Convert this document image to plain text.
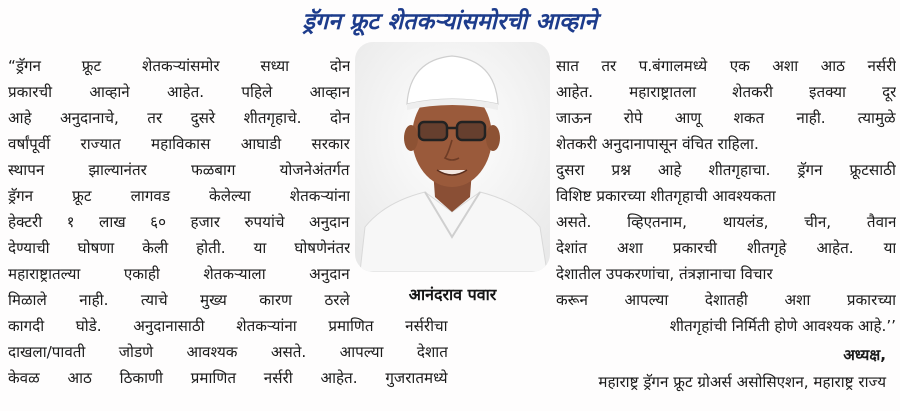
ड्रॅगन फ्रूट शेतकऱ्यांसमोरची आव्हाने
“ड्रॅगन फ्रूट शेतकऱ्यांसमोर सध्या दोन
प्रकारची आव्हाने आहेत. पहिले आव्हान
आहे अनुदानाचे, तर दुसरे शीतगृहाचे. दोन
वर्षांपूर्वी राज्यात महाविकास आघाडी सरकार
स्थापन झाल्यानंतर फळबाग योजनेअंतर्गत
ड्रॅगन फ्रूट लागवड केलेल्या शेतकऱ्यांना
हेक्टरी १ लाख ६० हजार रुपयांचे अनुदान
देण्याची घोषणा केली होती. या घोषणेनंतर
महाराष्ट्रातल्या एकाही शेतकऱ्याला अनुदान
मिळाले नाही. त्याचे मुख्य कारण ठरले	आनंदराव पवार
सात तर प.बंगालमध्ये एक अशा आठ नर्सरी
आहेत. महाराष्ट्रातला शेतकरी इतक्या दूर
जाऊन रोपे आणू शकत नाही. त्यामुळे
शेतकरी अनुदानापासून वंचित राहिला.
दुसरा प्रश्न आहे शीतगृहाचा. ड्रॅगन फ्रूटसाठी
विशिष्ट प्रकारच्या शीतगृहाची आवश्यकता
असते. व्हिएतनाम, थायलंड, चीन, तैवान
देशांत अशा प्रकारची शीतगृहे आहेत. या
देशातील उपकरणांचा, तंत्रज्ञानाचा विचार
करून आपल्या देशातही अशा प्रकारच्या
कागदी घोडे. अनुदानासाठी शेतकऱ्यांना प्रमाणित नर्सरीचा
दाखला/पावती जोडणे आवश्यक असते. आपल्या देशात
केवळ आठ ठिकाणी प्रमाणित नर्सरी आहेत. गुजरातमध्ये
शीतगृहांची निर्मिती होणे आवश्यक आहे.’’
अध्यक्ष,
महाराष्ट्र ड्रॅगन फ्रूट ग्रोअर्स असोसिएशन, महाराष्ट्र राज्य
